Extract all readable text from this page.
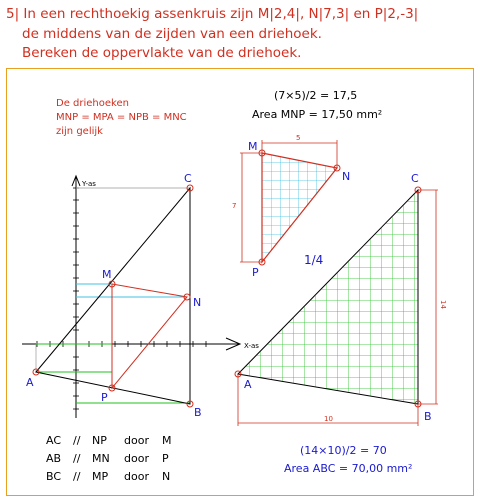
5| In een rechthoekig assenkruis zijn M|2,4|, N|7,3| en P|2,-3|
de middens van de zijden van een driehoek.
Bereken de oppervlakte van de driehoek.
Y-as
X-as
A
C
B
M
N
P
De driehoeken
MNP = MPA = NPB = MNC
zijn gelijk
(7×5)/2 = 17,5
Area MNP = 17,50 mm²
5
7
M
N
P
1/4
14
10
A
C
B
(14×10)/2 = 70
Area ABC = 70,00 mm²
AC // NP door M
AB // MN door P
BC // MP door N
